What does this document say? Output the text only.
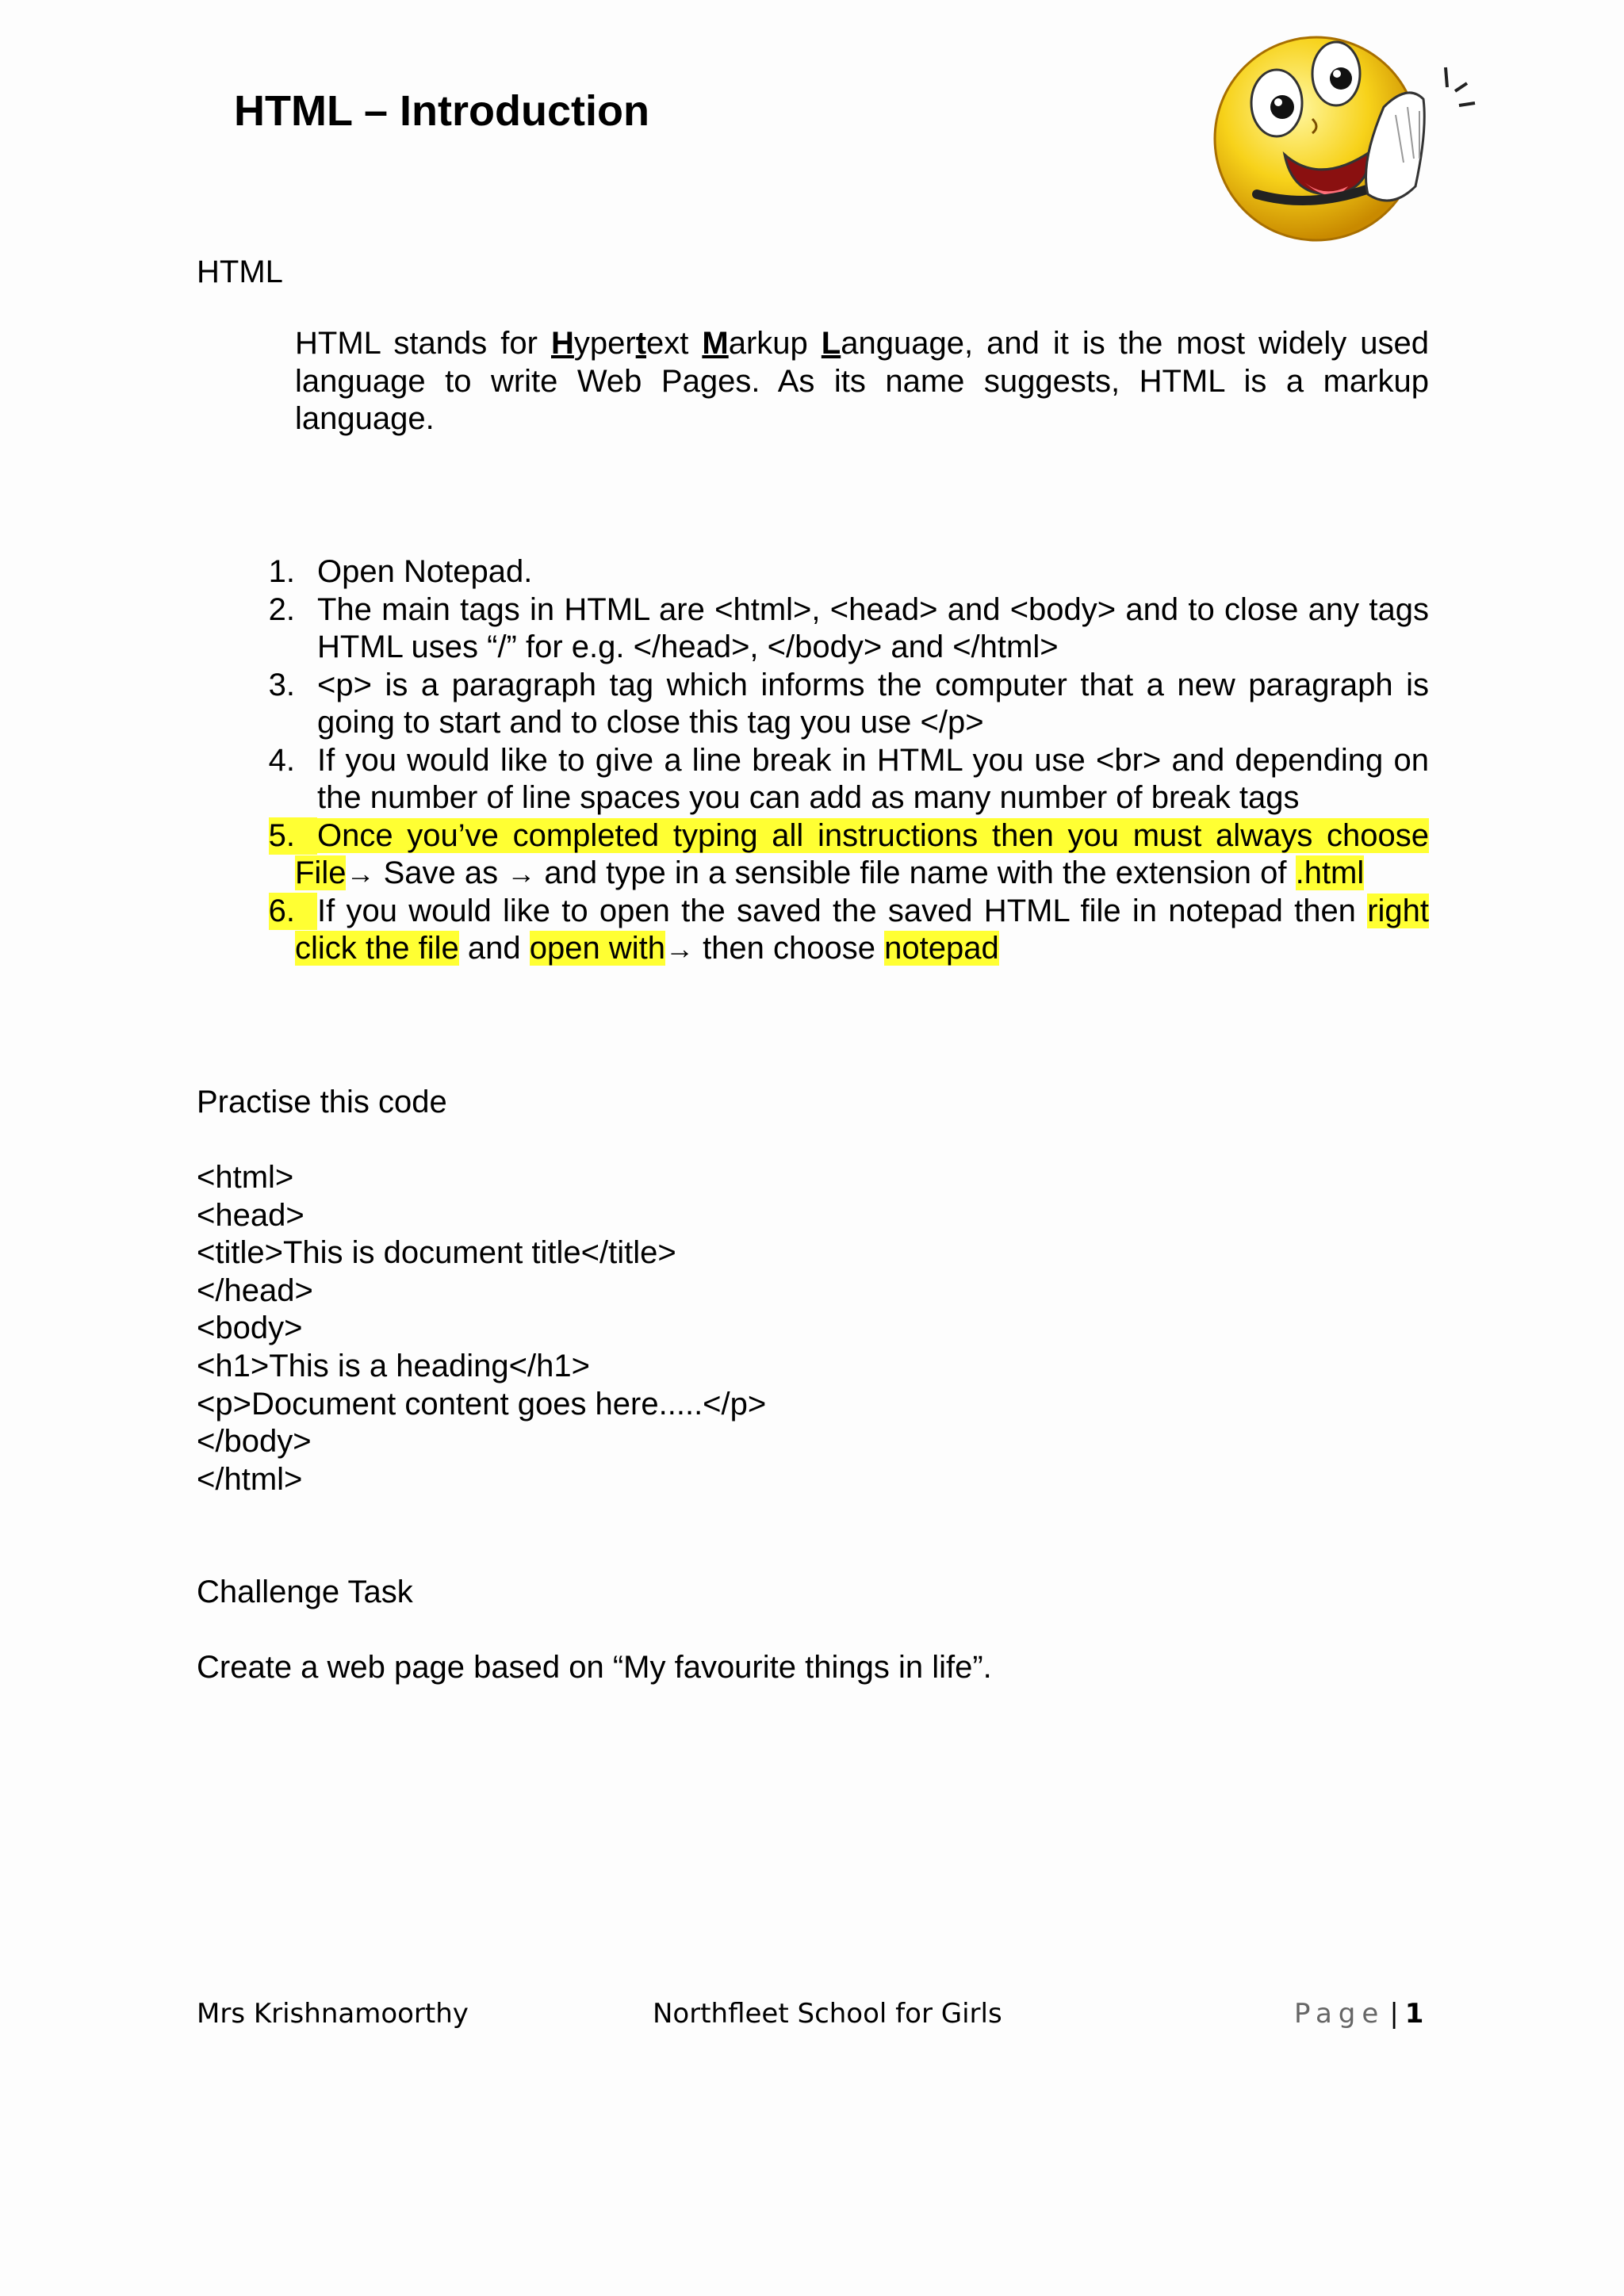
HTML – Introduction

HTML

HTML stands for Hypertext Markup Language, and it is the most widely used language to write Web Pages. As its name suggests, HTML is a markup language.

1. Open Notepad.
2. The main tags in HTML are <html>, <head> and <body> and to close any tags HTML uses “/” for e.g. </head>, </body> and </html>
3. <p> is a paragraph tag which informs the computer that a new paragraph is going to start and to close this tag you use </p>
4. If you would like to give a line break in HTML you use <br> and depending on the number of line spaces you can add as many number of break tags
5. Once you’ve completed typing all instructions then you must always choose File→ Save as → and type in a sensible file name with the extension of .html
6. If you would like to open the saved the saved HTML file in notepad then right click the file and open with→ then choose notepad

Practise this code

<html>
<head>
<title>This is document title</title>
</head>
<body>
<h1>This is a heading</h1>
<p>Document content goes here.....</p>
</body>
</html>

Challenge Task

Create a web page based on “My favourite things in life”.

Mrs Krishnamoorthy	Northfleet School for Girls	Page | 1
